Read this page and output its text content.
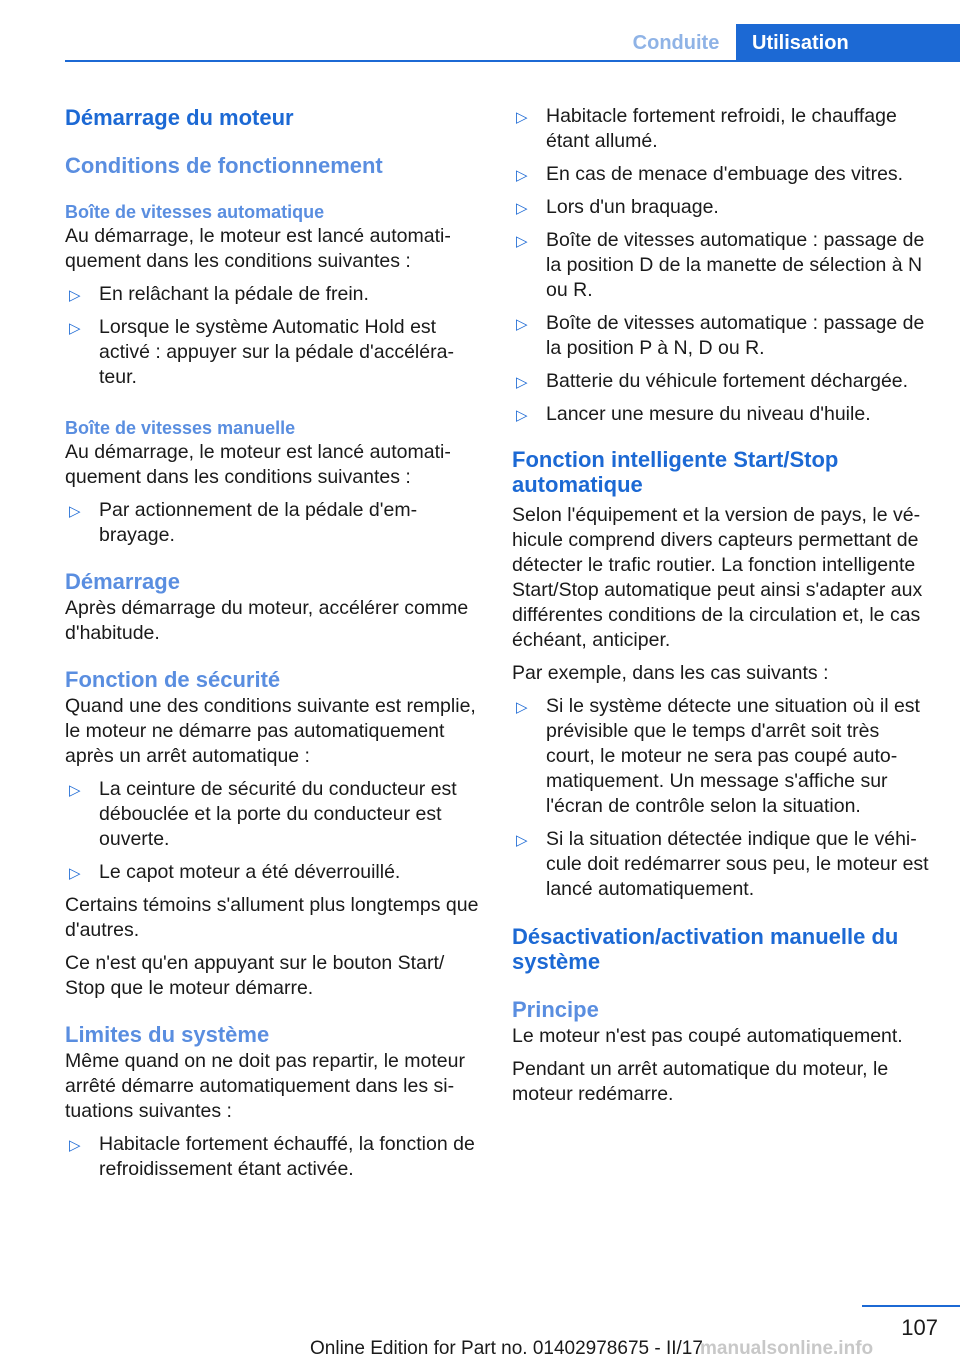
Conduite	Utilisation
Démarrage du moteur
Conditions de fonctionnement
Boîte de vitesses automatique

Au démarrage, le moteur est lancé automatiquement dans les conditions suivantes :

▷ En relâchant la pédale de frein.
▷ Lorsque le système Automatic Hold est activé : appuyer sur la pédale d'accélérateur.
Boîte de vitesses manuelle

Au démarrage, le moteur est lancé automatiquement dans les conditions suivantes :

▷ Par actionnement de la pédale d'embrayage.
Démarrage

Après démarrage du moteur, accélérer comme d'habitude.

Fonction de sécurité

Quand une des conditions suivante est remplie, le moteur ne démarre pas automatiquement après un arrêt automatique :

▷ La ceinture de sécurité du conducteur est débouclée et la porte du conducteur est ouverte.
▷ Le capot moteur a été déverrouillé.

Certains témoins s'allument plus longtemps que d'autres.

Ce n'est qu'en appuyant sur le bouton Start/ Stop que le moteur démarre.

Limites du système

Même quand on ne doit pas repartir, le moteur arrêté démarre automatiquement dans les situations suivantes :

▷ Habitacle fortement échauffé, la fonction de refroidissement étant activée.
▷ Habitacle fortement refroidi, le chauffage étant allumé.
▷ En cas de menace d'embuage des vitres.
▷ Lors d'un braquage.
▷ Boîte de vitesses automatique : passage de la position D de la manette de sélection à N ou R.
▷ Boîte de vitesses automatique : passage de la position P à N, D ou R.
▷ Batterie du véhicule fortement déchargée.
▷ Lancer une mesure du niveau d'huile.
Fonction intelligente Start/Stop automatique

Selon l'équipement et la version de pays, le véhicule comprend divers capteurs permettant de détecter le trafic routier. La fonction intelligente Start/Stop automatique peut ainsi s'adapter aux différentes conditions de la circulation et, le cas échéant, anticiper.

Par exemple, dans les cas suivants :

▷ Si le système détecte une situation où il est prévisible que le temps d'arrêt soit très court, le moteur ne sera pas coupé automatiquement. Un message s'affiche sur l'écran de contrôle selon la situation.
▷ Si la situation détectée indique que le véhicule doit redémarrer sous peu, le moteur est lancé automatiquement.
Désactivation/activation manuelle du système
Principe

Le moteur n'est pas coupé automatiquement.

Pendant un arrêt automatique du moteur, le moteur redémarre.

107
Online Edition for Part no. 01402978675 - II/17
manualsonline.info
